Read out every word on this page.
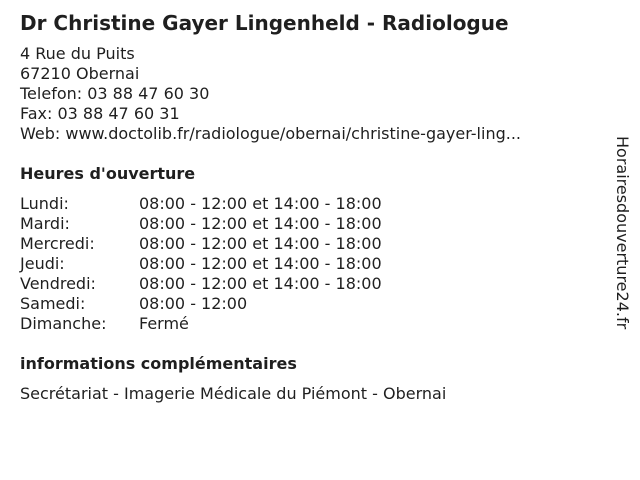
Dr Christine Gayer Lingenheld - Radiologue
4 Rue du Puits
67210 Obernai
Telefon: 03 88 47 60 30
Fax: 03 88 47 60 31
Web: www.doctolib.fr/radiologue/obernai/christine-gayer-ling...
Heures d'ouverture
Lundi:	08:00 - 12:00 et 14:00 - 18:00
Mardi:	08:00 - 12:00 et 14:00 - 18:00
Mercredi:	08:00 - 12:00 et 14:00 - 18:00
Jeudi:	08:00 - 12:00 et 14:00 - 18:00
Vendredi:	08:00 - 12:00 et 14:00 - 18:00
Samedi:	08:00 - 12:00
Dimanche:	Fermé
informations complémentaires
Secrétariat - Imagerie Médicale du Piémont - Obernai
Horairesdouverture24.fr
